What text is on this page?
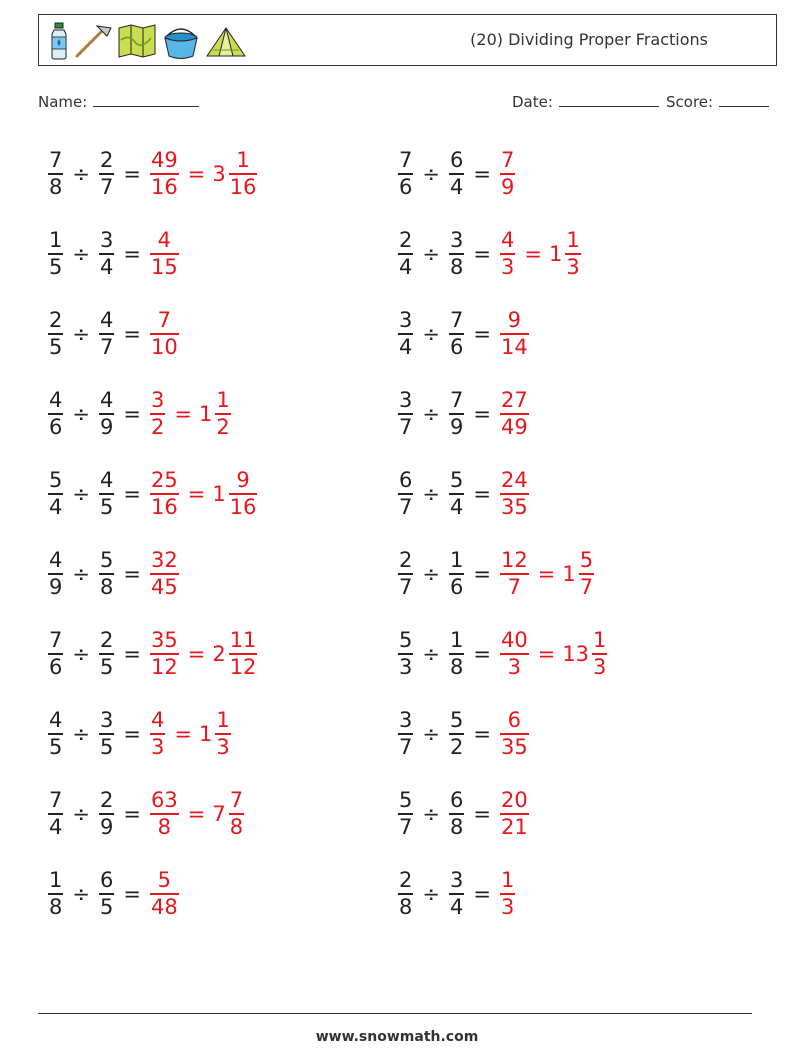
(20) Dividing Proper Fractions
Name:	Date:	Score:
$\frac{7}{8} \div \frac{2}{7} = \frac{49}{16} = 3 \frac{1}{16}$
$\frac{1}{5} \div \frac{3}{4} = \frac{4}{15}$
$\frac{2}{5} \div \frac{4}{7} = \frac{7}{10}$
$\frac{4}{6} \div \frac{4}{9} = \frac{3}{2} = 1 \frac{1}{2}$
$\frac{5}{4} \div \frac{4}{5} = \frac{25}{16} = 1 \frac{9}{16}$
$\frac{4}{9} \div \frac{5}{8} = \frac{32}{45}$
$\frac{7}{6} \div \frac{2}{5} = \frac{35}{12} = 2 \frac{11}{12}$
$\frac{4}{5} \div \frac{3}{5} = \frac{4}{3} = 1 \frac{1}{3}$
$\frac{7}{4} \div \frac{2}{9} = \frac{63}{8} = 7 \frac{7}{8}$
$\frac{1}{8} \div \frac{6}{5} = \frac{5}{48}$
$\frac{7}{6} \div \frac{6}{4} = \frac{7}{9}$
$\frac{2}{4} \div \frac{3}{8} = \frac{4}{3} = 1 \frac{1}{3}$
$\frac{3}{4} \div \frac{7}{6} = \frac{9}{14}$
$\frac{3}{7} \div \frac{7}{9} = \frac{27}{49}$
$\frac{6}{7} \div \frac{5}{4} = \frac{24}{35}$
$\frac{2}{7} \div \frac{1}{6} = \frac{12}{7} = 1 \frac{5}{7}$
$\frac{5}{3} \div \frac{1}{8} = \frac{40}{3} = 13 \frac{1}{3}$
$\frac{3}{7} \div \frac{5}{2} = \frac{6}{35}$
$\frac{5}{7} \div \frac{6}{8} = \frac{20}{21}$
$\frac{2}{8} \div \frac{3}{4} = \frac{1}{3}$
www.snowmath.com
